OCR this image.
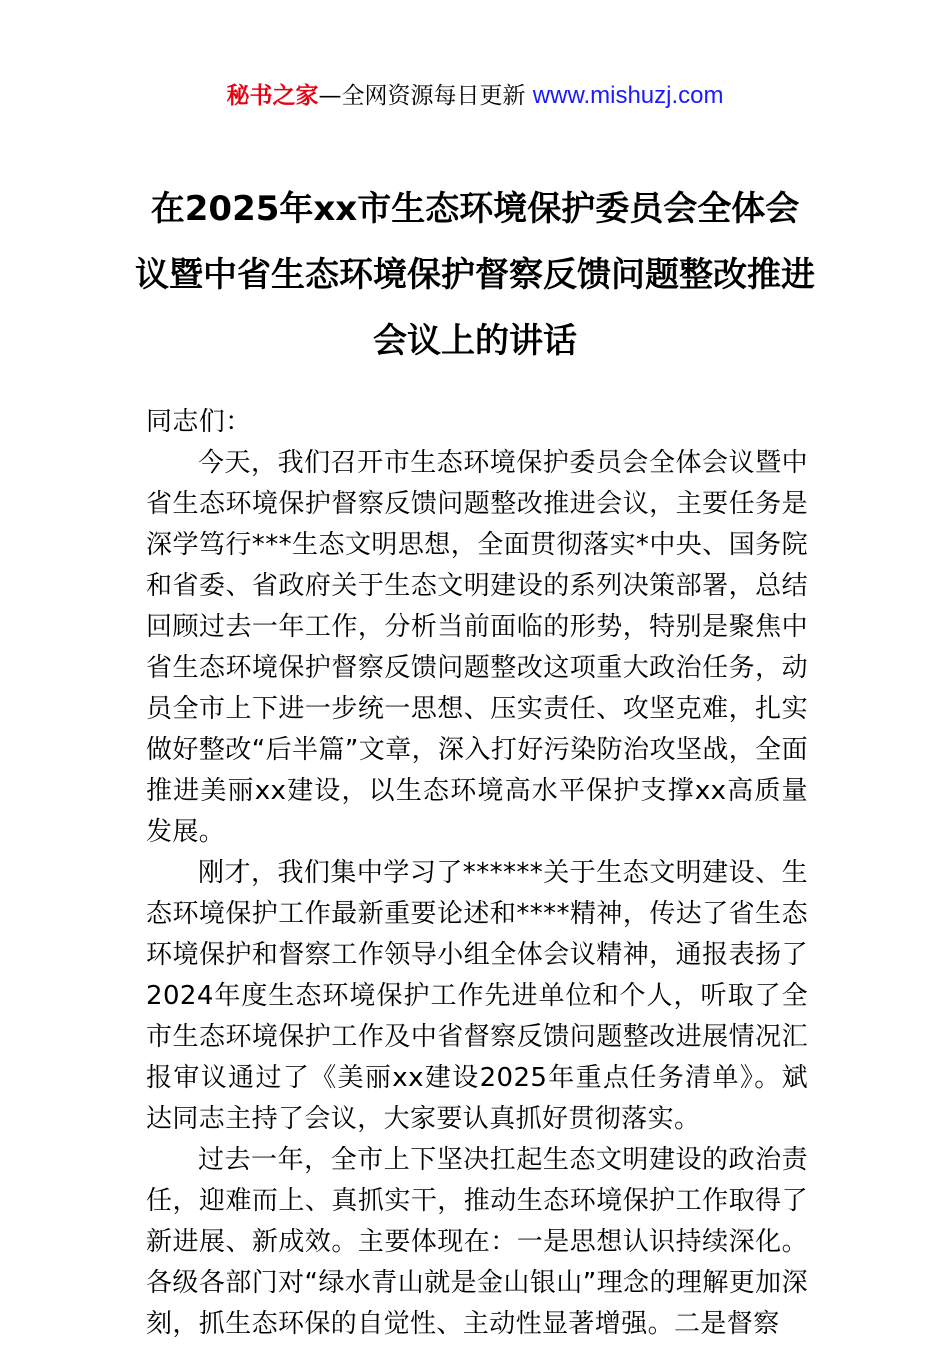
秘书之家—全网资源每日更新 www.mishuzj.com
在2025年xx市生态环境保护委员会全体会议暨中省生态环境保护督察反馈问题整改推进会议上的讲话

同志们：

今天，我们召开市生态环境保护委员会全体会议暨中省生态环境保护督察反馈问题整改推进会议，主要任务是深学笃行***生态文明思想，全面贯彻落实*中央、国务院和省委、省政府关于生态文明建设的系列决策部署，总结回顾过去一年工作，分析当前面临的形势，特别是聚焦中省生态环境保护督察反馈问题整改这项重大政治任务，动员全市上下进一步统一思想、压实责任、攻坚克难，扎实做好整改“后半篇”文章，深入打好污染防治攻坚战，全面推进美丽xx建设，以生态环境高水平保护支撑xx高质量发展。

刚才，我们集中学习了******关于生态文明建设、生态环境保护工作最新重要论述和****精神，传达了省生态环境保护和督察工作领导小组全体会议精神，通报表扬了2024年度生态环境保护工作先进单位和个人，听取了全市生态环境保护工作及中省督察反馈问题整改进展情况汇报审议通过了《美丽xx建设2025年重点任务清单》。斌达同志主持了会议，大家要认真抓好贯彻落实。

过去一年，全市上下坚决扛起生态文明建设的政治责任，迎难而上、真抓实干，推动生态环境保护工作取得了新进展、新成效。主要体现在：一是思想认识持续深化。各级各部门对“绿水青山就是金山银山”理念的理解更加深刻，抓生态环保的自觉性、主动性显著增强。二是督察
